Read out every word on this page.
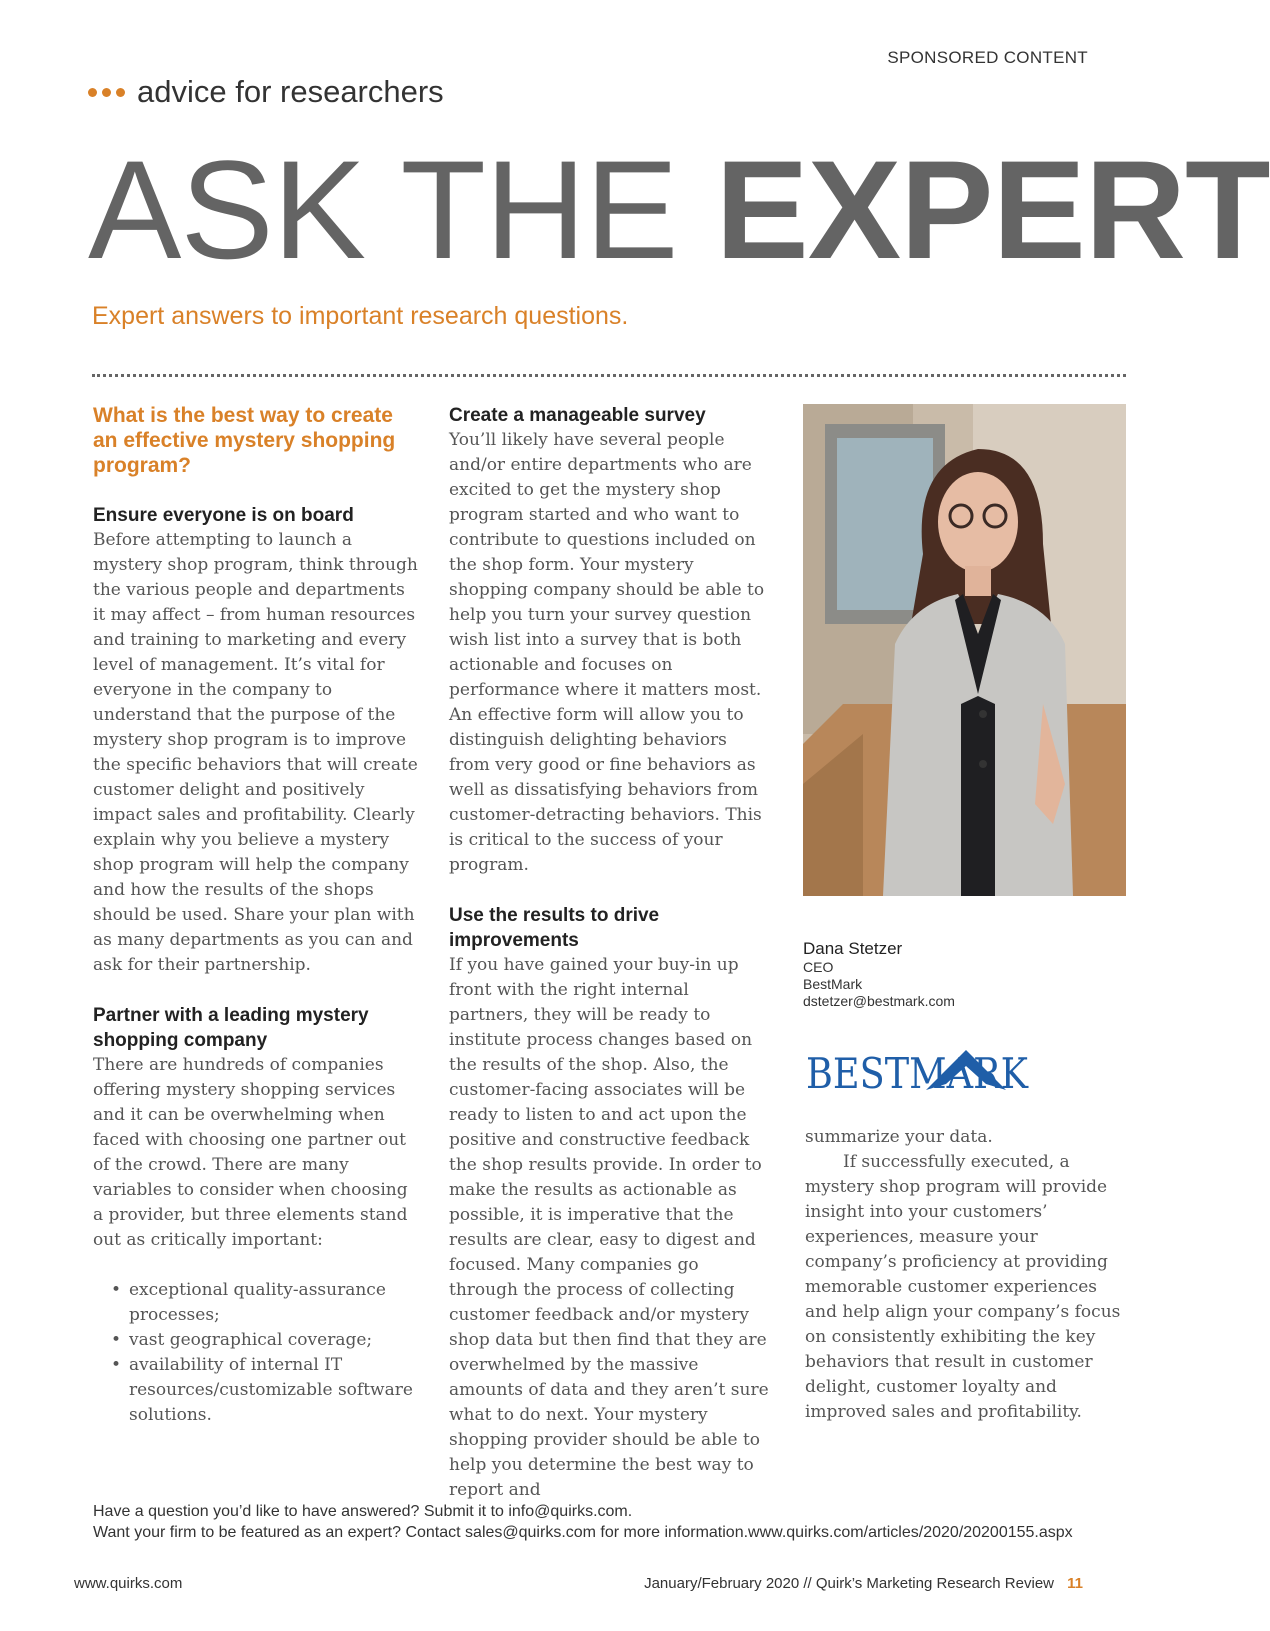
SPONSORED CONTENT
advice for researchers
ASK THE EXPERT
Expert answers to important research questions.
What is the best way to create an effective mystery shopping program?
Ensure everyone is on board

Before attempting to launch a mystery shop program, think through the various people and departments it may affect – from human resources and training to marketing and every level of management. It’s vital for everyone in the company to understand that the purpose of the mystery shop program is to improve the specific behaviors that will create customer delight and positively impact sales and profitability. Clearly explain why you believe a mystery shop program will help the company and how the results of the shops should be used. Share your plan with as many departments as you can and ask for their partnership.

Partner with a leading mystery shopping company

There are hundreds of companies offering mystery shopping services and it can be overwhelming when faced with choosing one partner out of the crowd. There are many variables to consider when choosing a provider, but three elements stand out as critically important:

• exceptional quality-assurance processes;
• vast geographical coverage;
• availability of internal IT resources/customizable software solutions.
Create a manageable survey

You’ll likely have several people and/or entire departments who are excited to get the mystery shop program started and who want to contribute to questions included on the shop form. Your mystery shopping company should be able to help you turn your survey question wish list into a survey that is both actionable and focuses on performance where it matters most. An effective form will allow you to distinguish delighting behaviors from very good or fine behaviors as well as dissatisfying behaviors from customer-detracting behaviors. This is critical to the success of your program.

Use the results to drive improvements

If you have gained your buy-in up front with the right internal partners, they will be ready to institute process changes based on the results of the shop. Also, the customer-facing associates will be ready to listen to and act upon the positive and constructive feedback the shop results provide. In order to make the results as actionable as possible, it is imperative that the results are clear, easy to digest and focused. Many companies go through the process of collecting customer feedback and/or mystery shop data but then find that they are overwhelmed by the massive amounts of data and they aren’t sure what to do next. Your mystery shopping provider should be able to help you determine the best way to report and

Dana Stetzer
CEO
BestMark
dstetzer@bestmark.com
BESTMARK

summarize your data.

If successfully executed, a mystery shop program will provide insight into your customers’ experiences, measure your company’s proficiency at providing memorable customer experiences and help align your company’s focus on consistently exhibiting the key behaviors that result in customer delight, customer loyalty and improved sales and profitability.

Have a question you’d like to have answered? Submit it to info@quirks.com.
Want your firm to be featured as an expert? Contact sales@quirks.com for more information.www.quirks.com/articles/2020/20200155.aspx
www.quirks.com	January/February 2020 // Quirk’s Marketing Research Review 11
